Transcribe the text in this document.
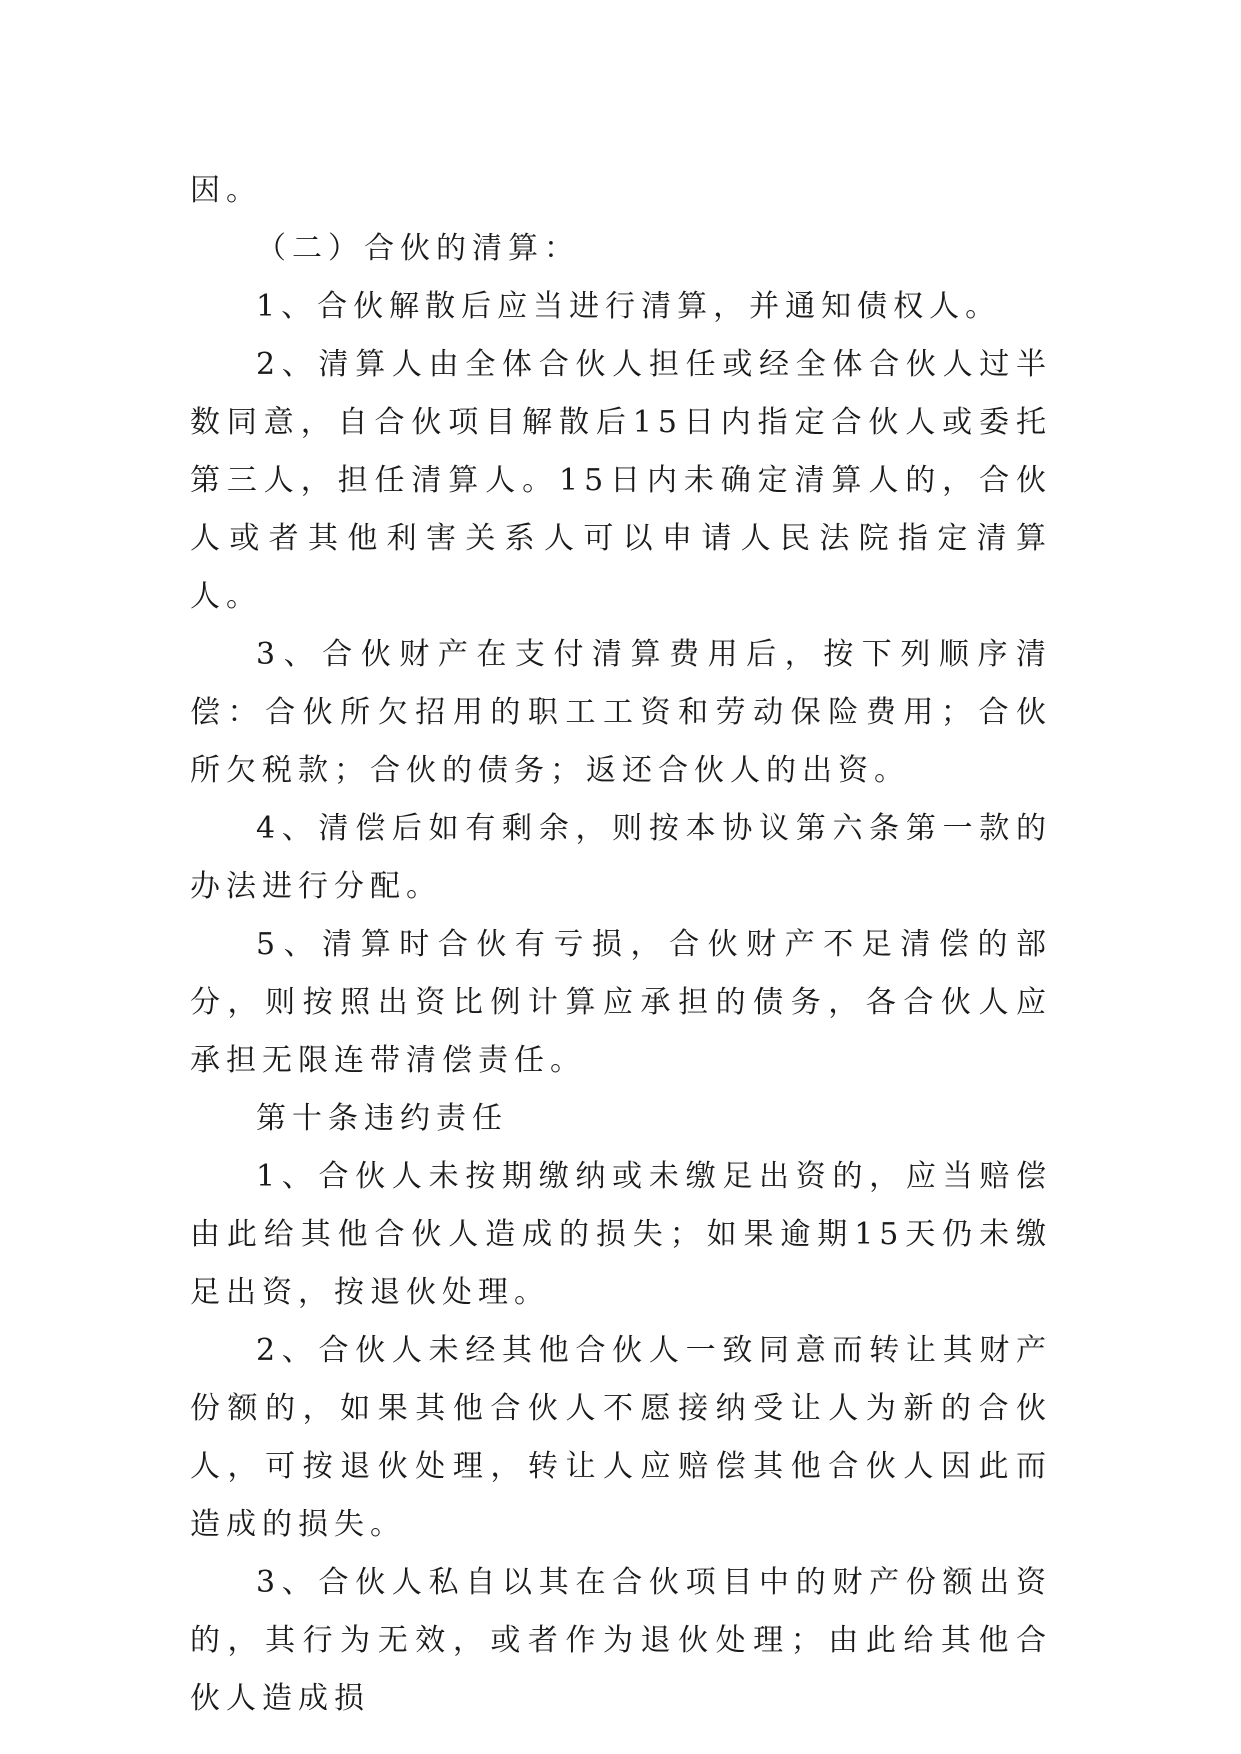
因。

（二）合伙的清算：

1、合伙解散后应当进行清算，并通知债权人。

2、清算人由全体合伙人担任或经全体合伙人过半数同意，自合伙项目解散后15日内指定合伙人或委托第三人，担任清算人。15日内未确定清算人的，合伙人或者其他利害关系人可以申请人民法院指定清算人。

3、合伙财产在支付清算费用后，按下列顺序清偿：合伙所欠招用的职工工资和劳动保险费用；合伙所欠税款；合伙的债务；返还合伙人的出资。

4、清偿后如有剩余，则按本协议第六条第一款的办法进行分配。

5、清算时合伙有亏损，合伙财产不足清偿的部分，则按照出资比例计算应承担的债务，各合伙人应承担无限连带清偿责任。

第十条违约责任

1、合伙人未按期缴纳或未缴足出资的，应当赔偿由此给其他合伙人造成的损失；如果逾期15天仍未缴足出资，按退伙处理。

2、合伙人未经其他合伙人一致同意而转让其财产份额的，如果其他合伙人不愿接纳受让人为新的合伙人，可按退伙处理，转让人应赔偿其他合伙人因此而造成的损失。

3、合伙人私自以其在合伙项目中的财产份额出资的，其行为无效，或者作为退伙处理；由此给其他合伙人造成损
